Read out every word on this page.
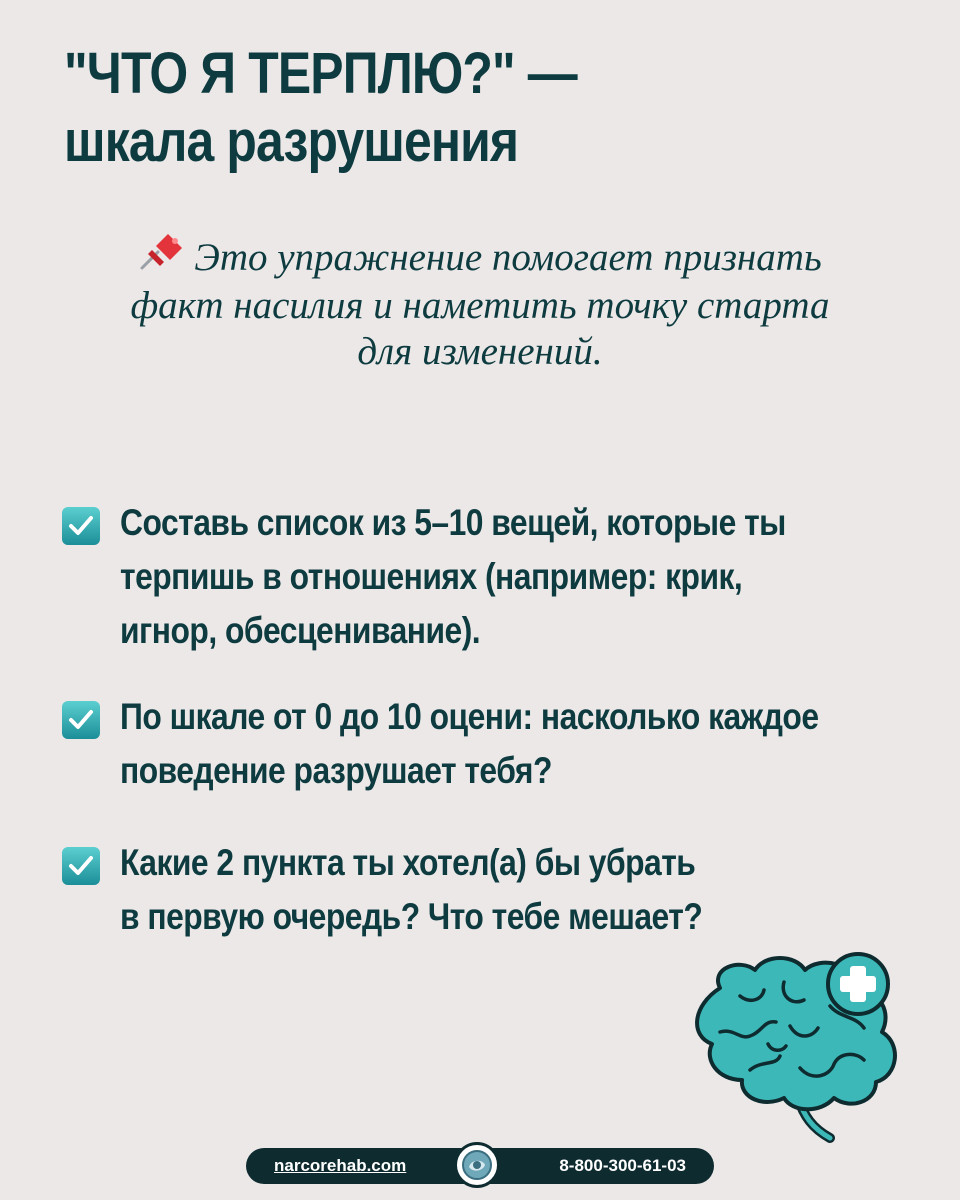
"ЧТО Я ТЕРПЛЮ?" —
шкала разрушения
Это упражнение помогает признать
факт насилия и наметить точку старта
для изменений.
Составь список из 5–10 вещей, которые ты
терпишь в отношениях (например: крик,
игнор, обесценивание).
По шкале от 0 до 10 оцени: насколько каждое
поведение разрушает тебя?
Какие 2 пункта ты хотел(а) бы убрать
в первую очередь? Что тебе мешает?
narcorehab.com	8-800-300-61-03
